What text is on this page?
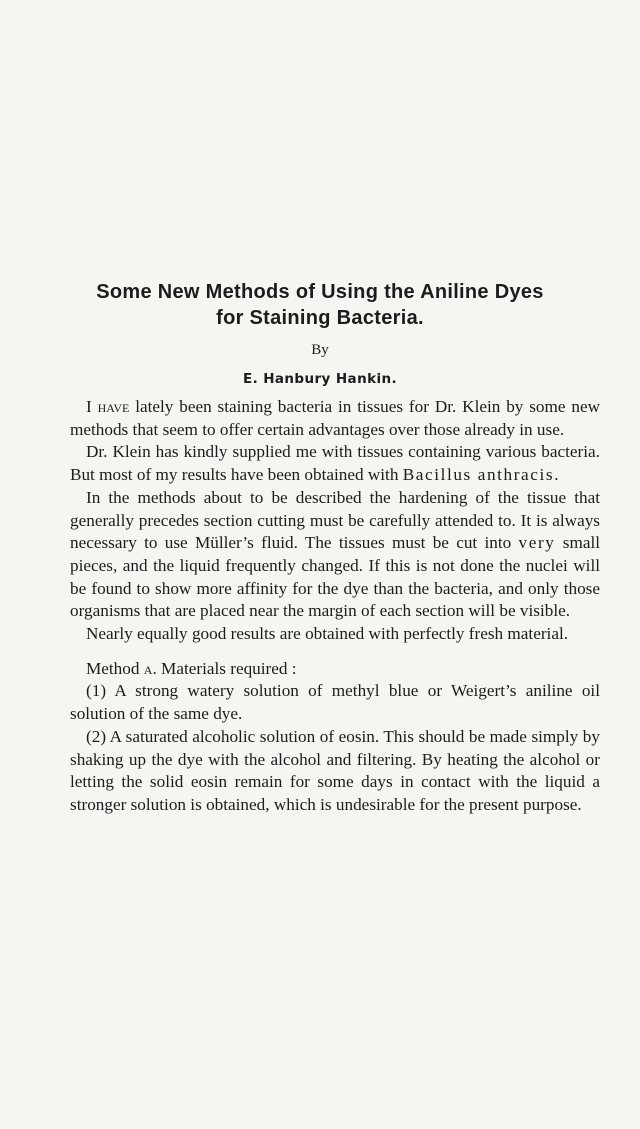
Some New Methods of Using the Aniline Dyes
for Staining Bacteria.
By
E. Hanbury Hankin.

I have lately been staining bacteria in tissues for Dr. Klein by some new methods that seem to offer certain advantages over those already in use.

Dr. Klein has kindly supplied me with tissues containing various bacteria. But most of my results have been obtained with Bacillus anthracis.

In the methods about to be described the hardening of the tissue that generally precedes section cutting must be carefully attended to. It is always necessary to use Müller’s fluid. The tissues must be cut into very small pieces, and the liquid frequently changed. If this is not done the nuclei will be found to show more affinity for the dye than the bacteria, and only those organisms that are placed near the margin of each section will be visible.

Nearly equally good results are obtained with perfectly fresh material.

Method a. Materials required :

(1) A strong watery solution of methyl blue or Weigert’s aniline oil solution of the same dye.

(2) A saturated alcoholic solution of eosin. This should be made simply by shaking up the dye with the alcohol and filtering. By heating the alcohol or letting the solid eosin remain for some days in contact with the liquid a stronger solution is obtained, which is undesirable for the present purpose.
